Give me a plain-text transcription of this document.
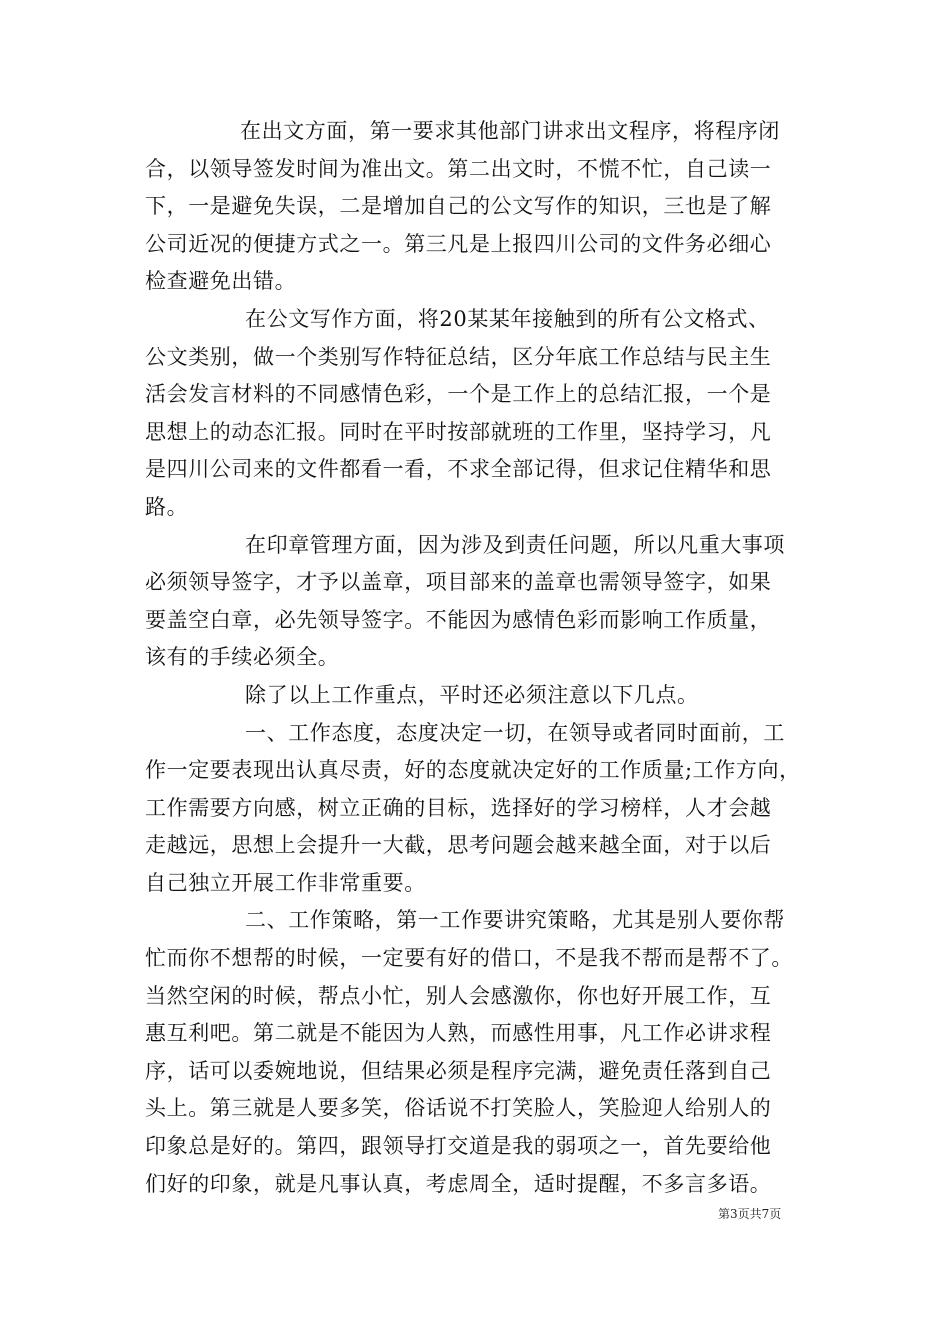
在出文方面，第一要求其他部门讲求出文程序，将程序闭
合，以领导签发时间为准出文。第二出文时，不慌不忙，自己读一
下，一是避免失误，二是增加自己的公文写作的知识，三也是了解
公司近况的便捷方式之一。第三凡是上报四川公司的文件务必细心
检查避免出错。
在公文写作方面，将20某某年接触到的所有公文格式、
公文类别，做一个类别写作特征总结，区分年底工作总结与民主生
活会发言材料的不同感情色彩，一个是工作上的总结汇报，一个是
思想上的动态汇报。同时在平时按部就班的工作里，坚持学习，凡
是四川公司来的文件都看一看，不求全部记得，但求记住精华和思
路。
在印章管理方面，因为涉及到责任问题，所以凡重大事项
必须领导签字，才予以盖章，项目部来的盖章也需领导签字，如果
要盖空白章，必先领导签字。不能因为感情色彩而影响工作质量，
该有的手续必须全。
除了以上工作重点，平时还必须注意以下几点。
一、工作态度，态度决定一切，在领导或者同时面前，工
作一定要表现出认真尽责，好的态度就决定好的工作质量;工作方向，
工作需要方向感，树立正确的目标，选择好的学习榜样，人才会越
走越远，思想上会提升一大截，思考问题会越来越全面，对于以后
自己独立开展工作非常重要。
二、工作策略，第一工作要讲究策略，尤其是别人要你帮
忙而你不想帮的时候，一定要有好的借口，不是我不帮而是帮不了。
当然空闲的时候，帮点小忙，别人会感激你，你也好开展工作，互
惠互利吧。第二就是不能因为人熟，而感性用事，凡工作必讲求程
序，话可以委婉地说，但结果必须是程序完满，避免责任落到自己
头上。第三就是人要多笑，俗话说不打笑脸人，笑脸迎人给别人的
印象总是好的。第四，跟领导打交道是我的弱项之一，首先要给他
们好的印象，就是凡事认真，考虑周全，适时提醒，不多言多语。
第3页共7页
